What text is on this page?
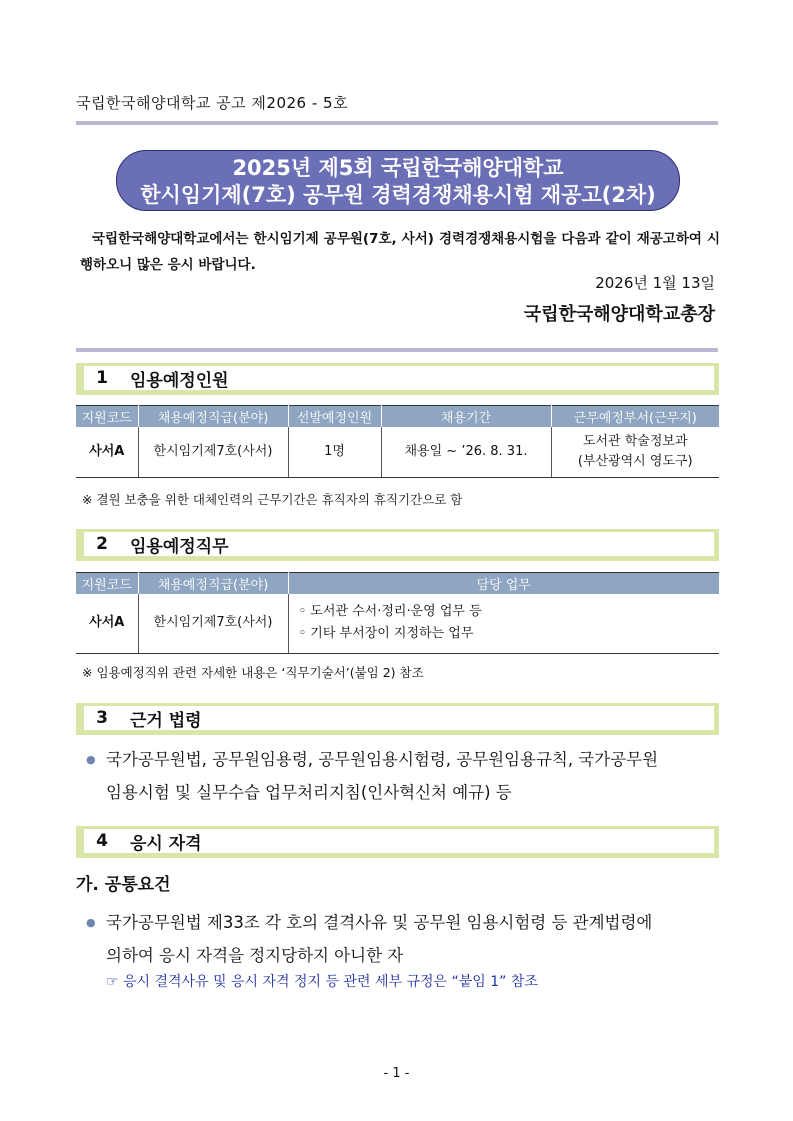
국립한국해양대학교 공고 제2026 - 5호
2025년 제5회 국립한국해양대학교
한시임기제(7호) 공무원 경력경쟁채용시험 재공고(2차)
국립한국해양대학교에서는 한시임기제 공무원(7호, 사서) 경력경쟁채용시험을 다음과 같이 재공고하여 시행하오니 많은 응시 바랍니다.
2026년 1월 13일
국립한국해양대학교총장
1	임용예정인원
지원코드	채용예정직급(분야)	선발예정인원	채용기간	근무예정부서(근무지)
사서A	한시임기제7호(사서)	1명	채용일 ~ ’26. 8. 31.	도서관 학술정보과
(부산광역시 영도구)
※ 결원 보충을 위한 대체인력의 근무기간은 휴직자의 휴직기간으로 함
2	임용예정직무
지원코드	채용예정직급(분야)	담당 업무
사서A	한시임기제7호(사서)	◦ 도서관 수서·정리·운영 업무 등
◦ 기타 부서장이 지정하는 업무
※ 임용예정직위 관련 자세한 내용은 ‘직무기술서’(붙임 2) 참조
3	근거 법령
● 국가공무원법, 공무원임용령, 공무원임용시험령, 공무원임용규칙, 국가공무원
임용시험 및 실무수습 업무처리지침(인사혁신처 예규) 등
4	응시 자격
가. 공통요건
● 국가공무원법 제33조 각 호의 결격사유 및 공무원 임용시험령 등 관계법령에
의하여 응시 자격을 정지당하지 아니한 자
☞ 응시 결격사유 및 응시 자격 정지 등 관련 세부 규정은 “붙임 1” 참조
- 1 -
